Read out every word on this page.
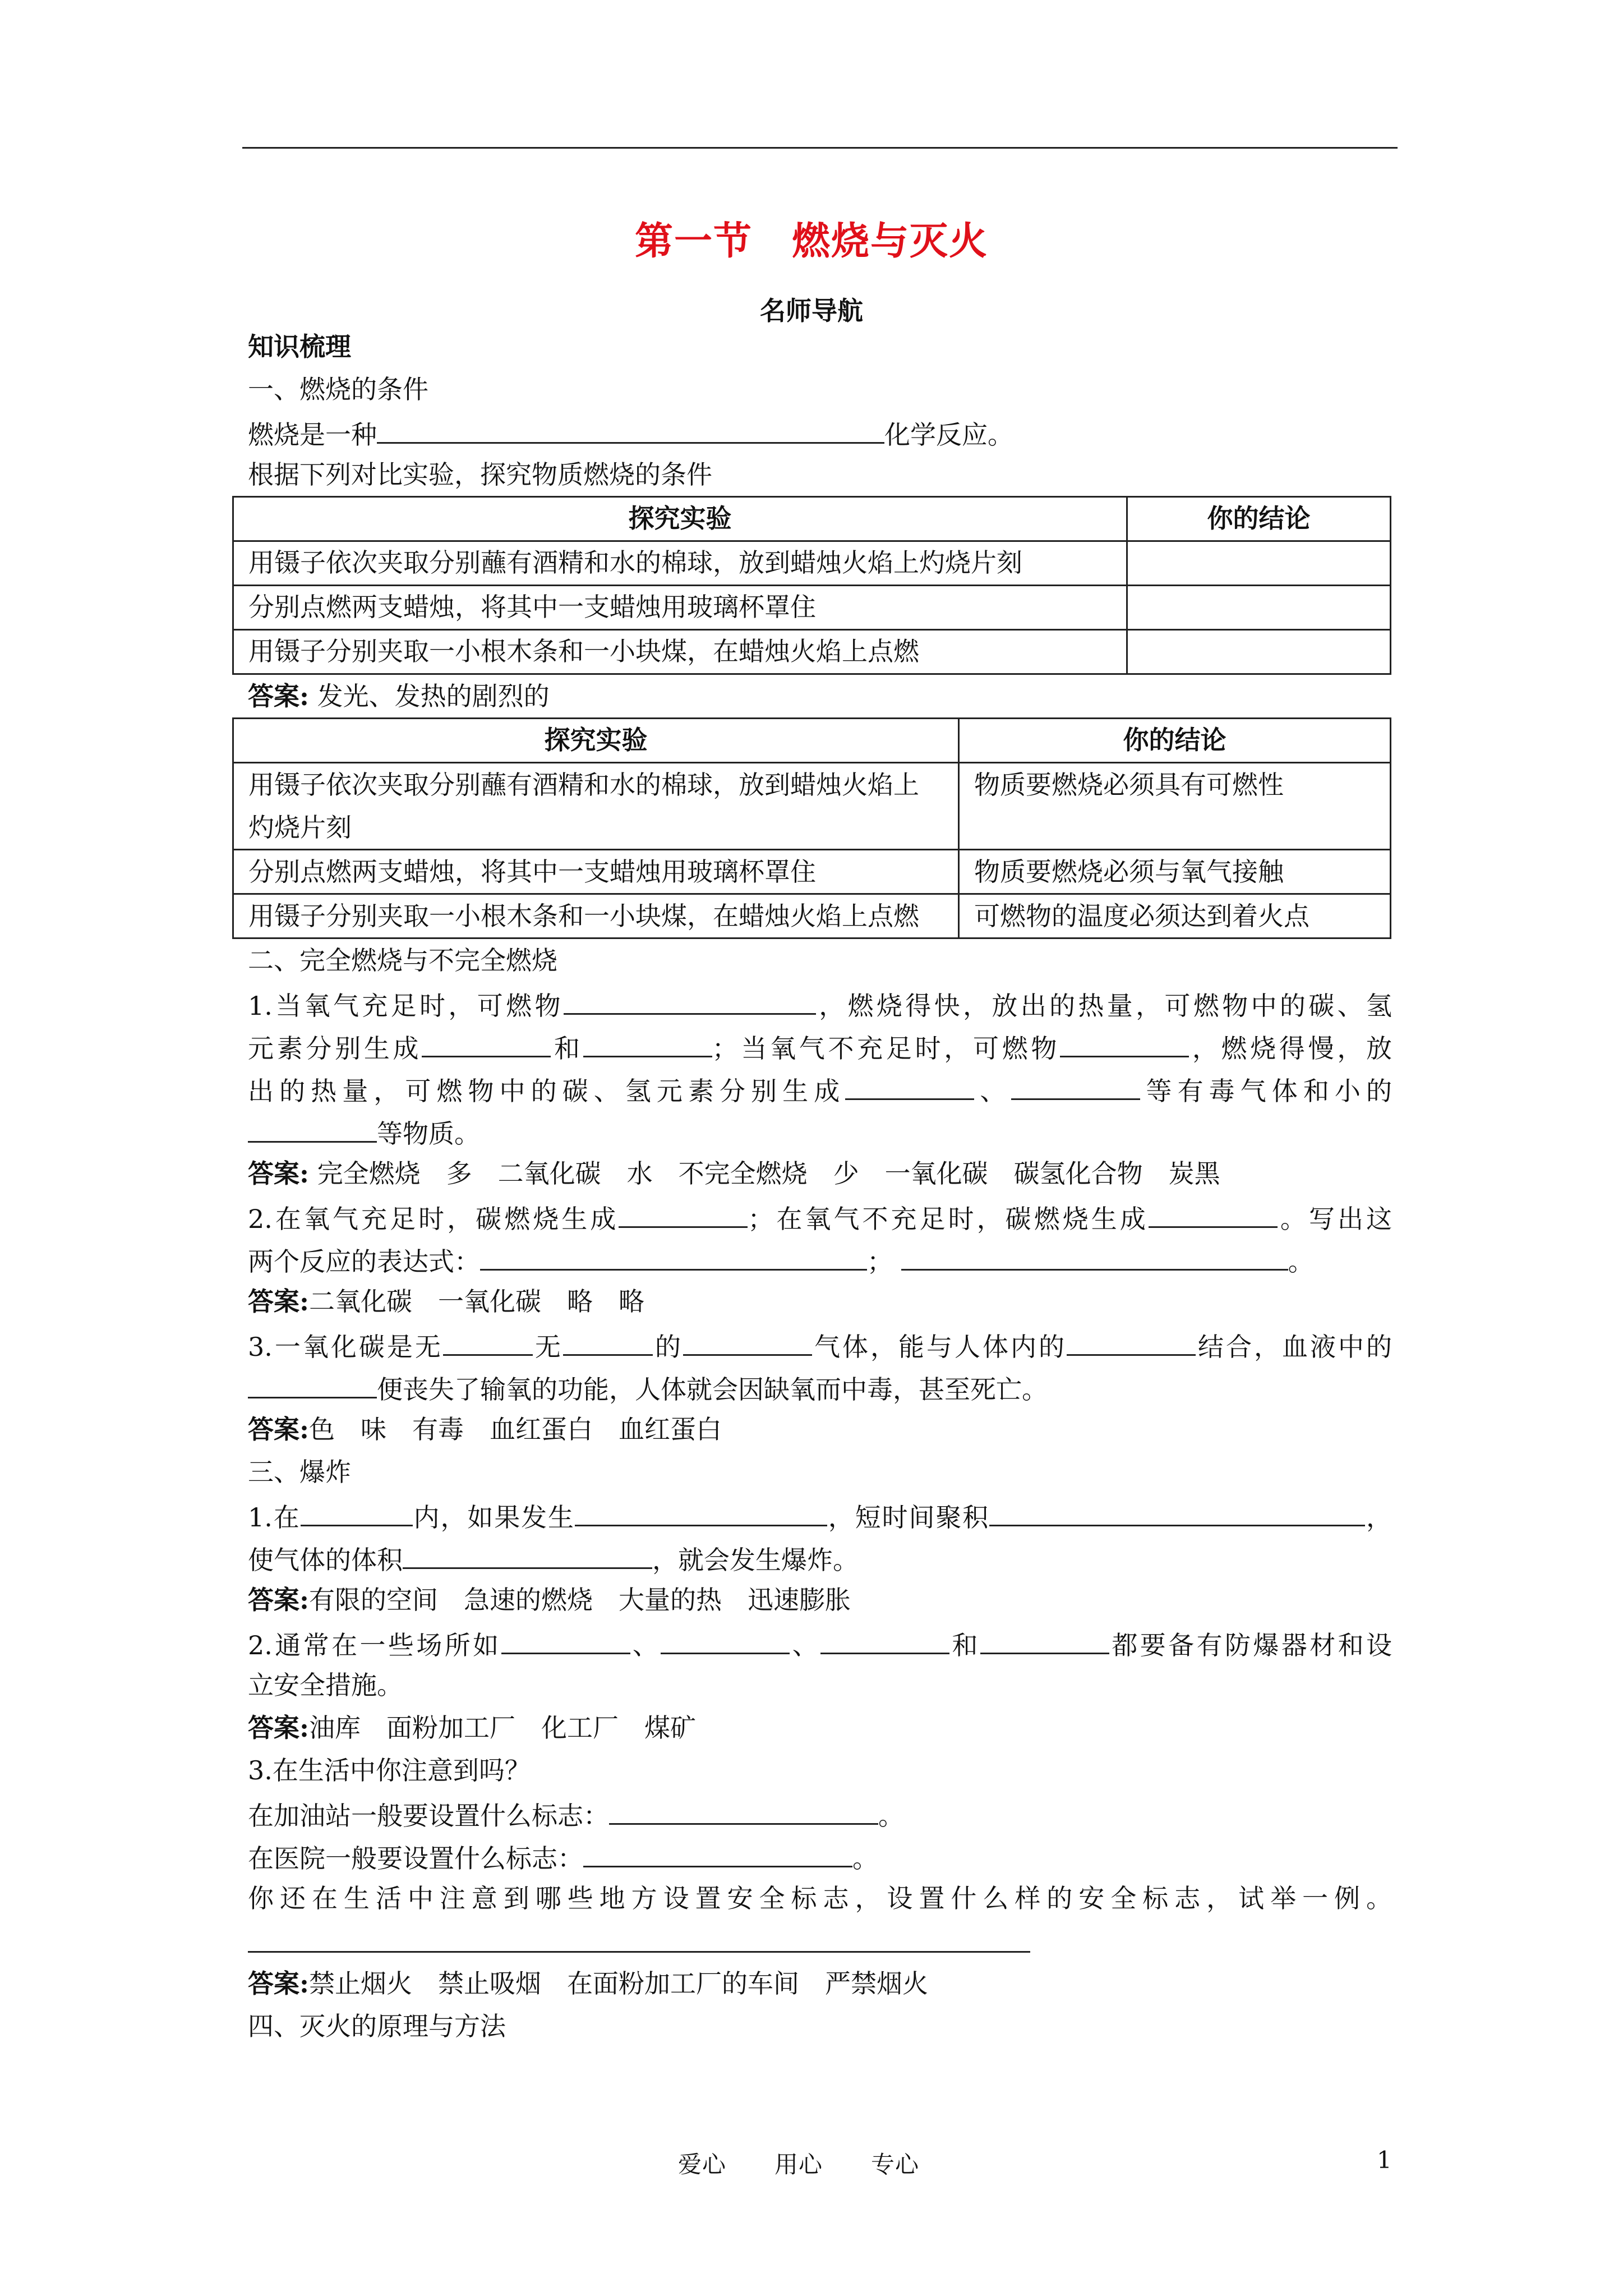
第一节　燃烧与灭火
名师导航
知识梳理
一、燃烧的条件
燃烧是一种	化学反应。
根据下列对比实验，探究物质燃烧的条件
探究实验	你的结论
用镊子依次夹取分别蘸有酒精和水的棉球，放到蜡烛火焰上灼烧片刻	
分别点燃两支蜡烛，将其中一支蜡烛用玻璃杯罩住	
用镊子分别夹取一小根木条和一小块煤，在蜡烛火焰上点燃	
答案: 发光、发热的剧烈的
探究实验	你的结论
用镊子依次夹取分别蘸有酒精和水的棉球，放到蜡烛火焰上灼烧片刻	物质要燃烧必须具有可燃性
分别点燃两支蜡烛，将其中一支蜡烛用玻璃杯罩住	物质要燃烧必须与氧气接触
用镊子分别夹取一小根木条和一小块煤，在蜡烛火焰上点燃	可燃物的温度必须达到着火点
二、完全燃烧与不完全燃烧
1.当氧气充足时，可燃物	，燃烧得快，放出的热量，可燃物中的碳、氢
元素分别生成	和	；当氧气不充足时，可燃物	，燃烧得慢，放
出的热量，可燃物中的碳、氢元素分别生成	、	等有毒气体和小的
等物质。
答案: 完全燃烧　多　二氧化碳　水　不完全燃烧　少　一氧化碳　碳氢化合物　炭黑
2.在氧气充足时，碳燃烧生成	；在氧气不充足时，碳燃烧生成	。写出这
两个反应的表达式：	；	。
答案:二氧化碳　一氧化碳　略　略
3.一氧化碳是无	无	的	气体，能与人体内的	结合，血液中的
便丧失了输氧的功能，人体就会因缺氧而中毒，甚至死亡。
答案:色　味　有毒　血红蛋白　血红蛋白
三、爆炸
1.在	内，如果发生	，短时间聚积	，
使气体的体积	，就会发生爆炸。
答案:有限的空间　急速的燃烧　大量的热　迅速膨胀
2.通常在一些场所如	、	、	和	都要备有防爆器材和设
立安全措施。
答案:油库　面粉加工厂　化工厂　煤矿
3.在生活中你注意到吗？
在加油站一般要设置什么标志：	。
在医院一般要设置什么标志：	。
你还在生活中注意到哪些地方设置安全标志，设置什么样的安全标志，试举一例。
答案:禁止烟火　禁止吸烟　在面粉加工厂的车间　严禁烟火
四、灭火的原理与方法
爱心　　用心　　专心	1
